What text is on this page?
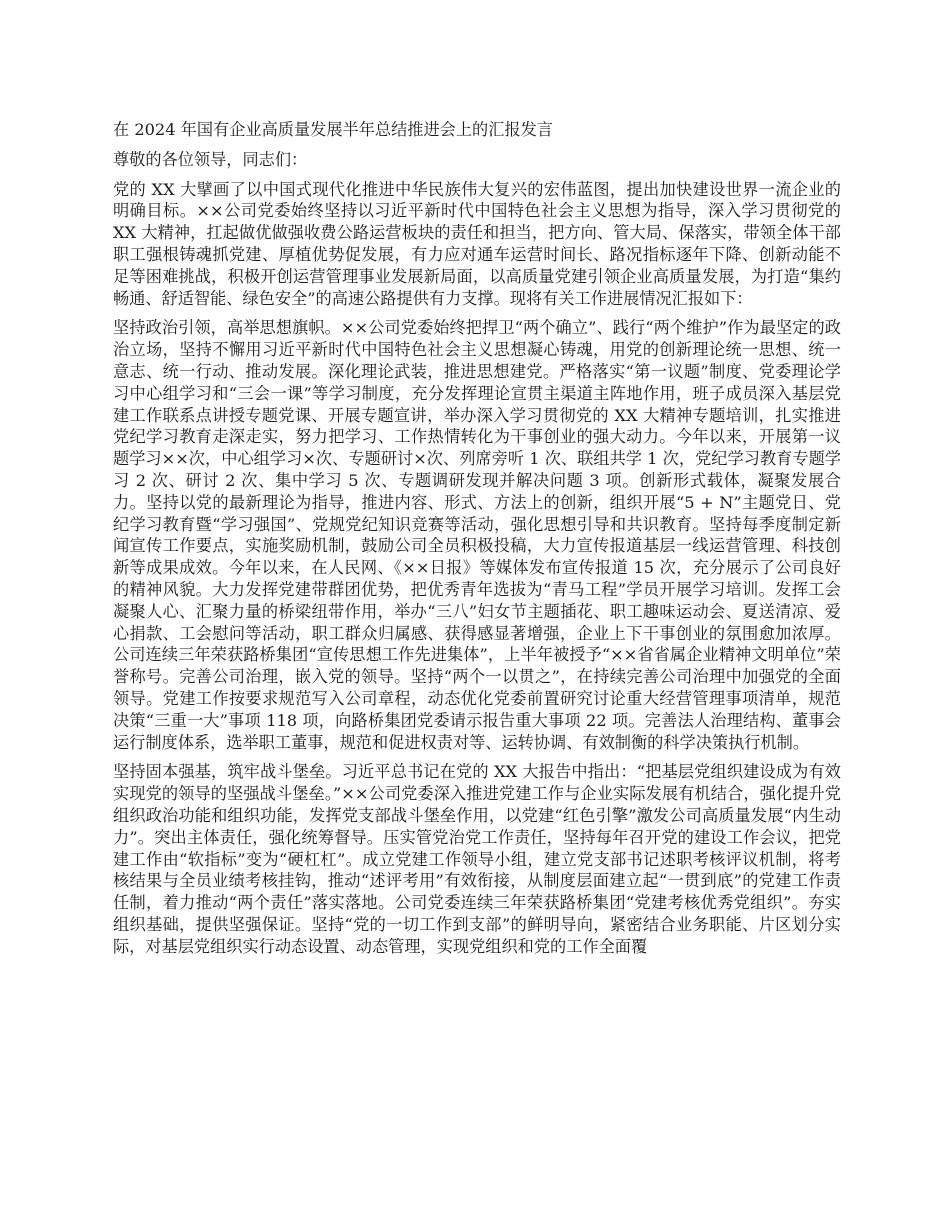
在 2024 年国有企业高质量发展半年总结推进会上的汇报发言

尊敬的各位领导，同志们：

党的 XX 大擘画了以中国式现代化推进中华民族伟大复兴的宏伟蓝图，提出加快建设世界一流企业的明确目标。××公司党委始终坚持以习近平新时代中国特色社会主义思想为指导，深入学习贯彻党的 XX 大精神，扛起做优做强收费公路运营板块的责任和担当，把方向、管大局、保落实，带领全体干部职工强根铸魂抓党建、厚植优势促发展，有力应对通车运营时间长、路况指标逐年下降、创新动能不足等困难挑战，积极开创运营管理事业发展新局面，以高质量党建引领企业高质量发展，为打造“集约畅通、舒适智能、绿色安全”的高速公路提供有力支撑。现将有关工作进展情况汇报如下：

坚持政治引领，高举思想旗帜。××公司党委始终把捍卫“两个确立”、践行“两个维护”作为最坚定的政治立场，坚持不懈用习近平新时代中国特色社会主义思想凝心铸魂，用党的创新理论统一思想、统一意志、统一行动、推动发展。深化理论武装，推进思想建党。严格落实“第一议题”制度、党委理论学习中心组学习和“三会一课”等学习制度，充分发挥理论宣贯主渠道主阵地作用，班子成员深入基层党建工作联系点讲授专题党课、开展专题宣讲，举办深入学习贯彻党的 XX 大精神专题培训，扎实推进党纪学习教育走深走实，努力把学习、工作热情转化为干事创业的强大动力。今年以来，开展第一议题学习××次，中心组学习×次、专题研讨×次、列席旁听 1 次、联组共学 1 次，党纪学习教育专题学习 2 次、研讨 2 次、集中学习 5 次、专题调研发现并解决问题 3 项。创新形式载体，凝聚发展合力。坚持以党的最新理论为指导，推进内容、形式、方法上的创新，组织开展“5 + N”主题党日、党纪学习教育暨“学习强国”、党规党纪知识竞赛等活动，强化思想引导和共识教育。坚持每季度制定新闻宣传工作要点，实施奖励机制，鼓励公司全员积极投稿，大力宣传报道基层一线运营管理、科技创新等成果成效。今年以来，在人民网、《××日报》等媒体发布宣传报道 15 次，充分展示了公司良好的精神风貌。大力发挥党建带群团优势，把优秀青年选拔为“青马工程”学员开展学习培训。发挥工会凝聚人心、汇聚力量的桥梁纽带作用，举办“三八”妇女节主题插花、职工趣味运动会、夏送清凉、爱心捐款、工会慰问等活动，职工群众归属感、获得感显著增强，企业上下干事创业的氛围愈加浓厚。公司连续三年荣获路桥集团“宣传思想工作先进集体”，上半年被授予“××省省属企业精神文明单位”荣誉称号。完善公司治理，嵌入党的领导。坚持“两个一以贯之”，在持续完善公司治理中加强党的全面领导。党建工作按要求规范写入公司章程，动态优化党委前置研究讨论重大经营管理事项清单，规范决策“三重一大”事项 118 项，向路桥集团党委请示报告重大事项 22 项。完善法人治理结构、董事会运行制度体系，选举职工董事，规范和促进权责对等、运转协调、有效制衡的科学决策执行机制。

坚持固本强基，筑牢战斗堡垒。习近平总书记在党的 XX 大报告中指出：“把基层党组织建设成为有效实现党的领导的坚强战斗堡垒。”××公司党委深入推进党建工作与企业实际发展有机结合，强化提升党组织政治功能和组织功能，发挥党支部战斗堡垒作用，以党建“红色引擎”激发公司高质量发展“内生动力”。突出主体责任，强化统筹督导。压实管党治党工作责任，坚持每年召开党的建设工作会议，把党建工作由“软指标”变为“硬杠杠”。成立党建工作领导小组，建立党支部书记述职考核评议机制，将考核结果与全员业绩考核挂钩，推动“述评考用”有效衔接，从制度层面建立起“一贯到底”的党建工作责任制，着力推动“两个责任”落实落地。公司党委连续三年荣获路桥集团“党建考核优秀党组织”。夯实组织基础，提供坚强保证。坚持“党的一切工作到支部”的鲜明导向，紧密结合业务职能、片区划分实际，对基层党组织实行动态设置、动态管理，实现党组织和党的工作全面覆
